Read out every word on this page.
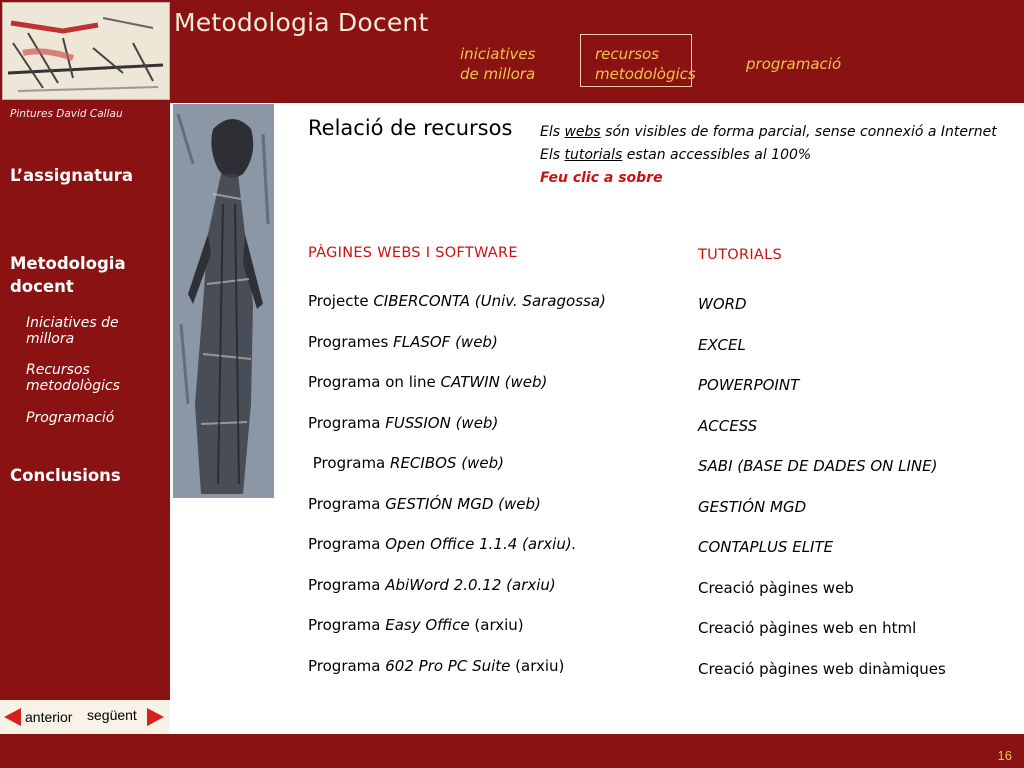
Metodologia Docent
iniciatives
de millora
recursos
metodològics
programació
Pintures David Callau
L’assignatura
Metodologia
docent
Iniciatives de
millora
Recursos
metodològics
Programació
Conclusions
anterior següent
16
Relació de recursos Els webs són visibles de forma parcial, sense connexió a Internet
Els tutorials estan accessibles al 100%
Feu clic a sobre
PÀGINES WEBS I SOFTWARE	TUTORIALS
Projecte CIBERCONTA (Univ. Saragossa)
Programes FLASOF (web)
Programa on line CATWIN (web)
Programa FUSSION (web)
Programa RECIBOS (web)
Programa GESTIÓN MGD (web)
Programa Open Office 1.1.4 (arxiu).
Programa AbiWord 2.0.12 (arxiu)
Programa Easy Office (arxiu)
Programa 602 Pro PC Suite (arxiu)
WORD
EXCEL
POWERPOINT
ACCESS
SABI (BASE DE DADES ON LINE)
GESTIÓN MGD
CONTAPLUS ELITE
Creació pàgines web
Creació pàgines web en html
Creació pàgines web dinàmiques
